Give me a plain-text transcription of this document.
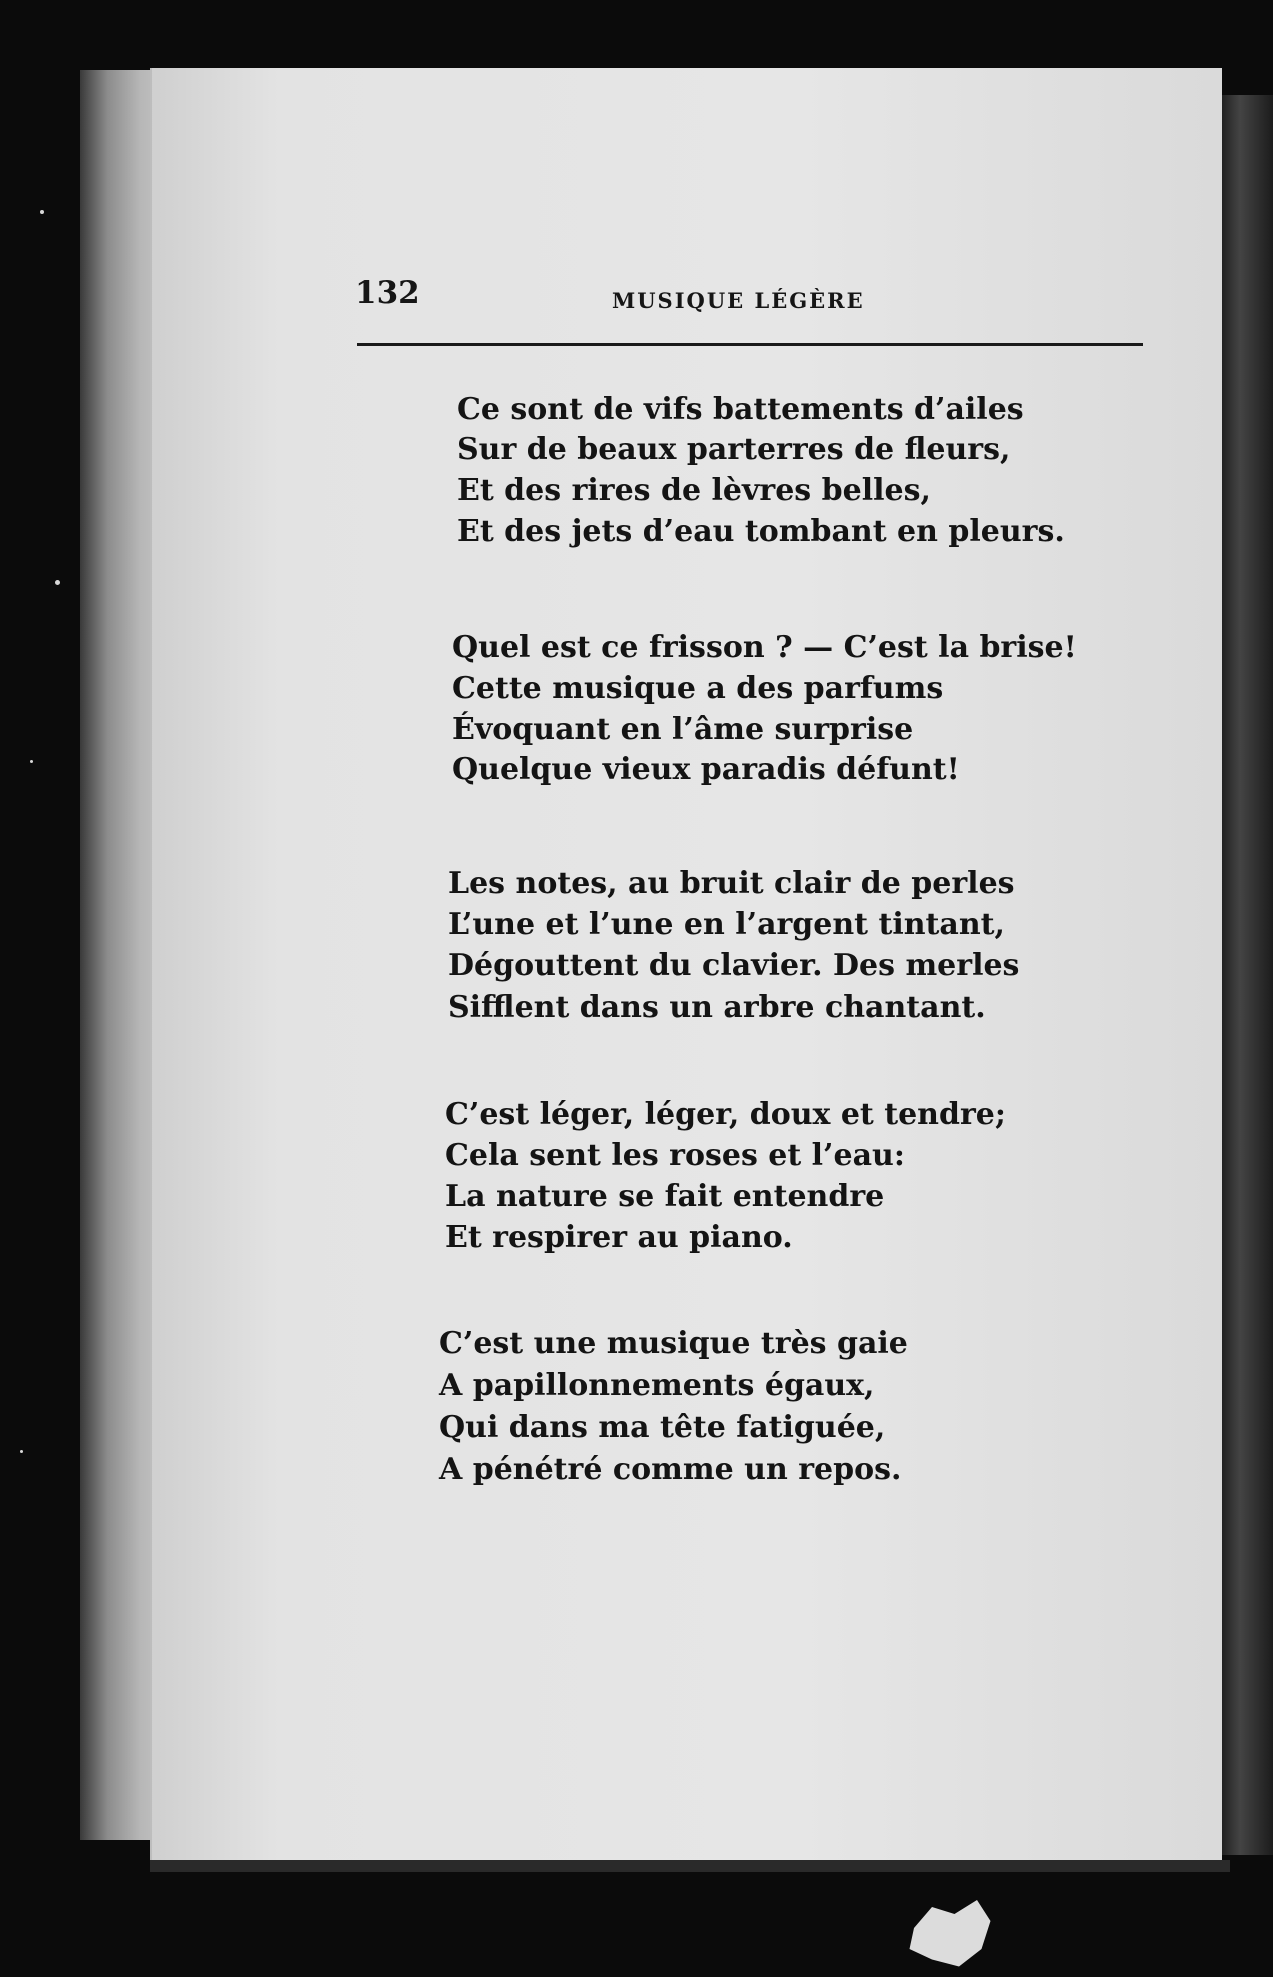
132	MUSIQUE LÉGÈRE
Ce sont de vifs battements d’ailes
Sur de beaux parterres de fleurs,
Et des rires de lèvres belles,
Et des jets d’eau tombant en pleurs.
Quel est ce frisson ? — C’est la brise!
Cette musique a des parfums
Évoquant en l’âme surprise
Quelque vieux paradis défunt!
Les notes, au bruit clair de perles
L’une et l’une en l’argent tintant,
Dégouttent du clavier. Des merles
Sifflent dans un arbre chantant.
C’est léger, léger, doux et tendre;
Cela sent les roses et l’eau:
La nature se fait entendre
Et respirer au piano.
C’est une musique très gaie
A papillonnements égaux,
Qui dans ma tête fatiguée,
A pénétré comme un repos.
